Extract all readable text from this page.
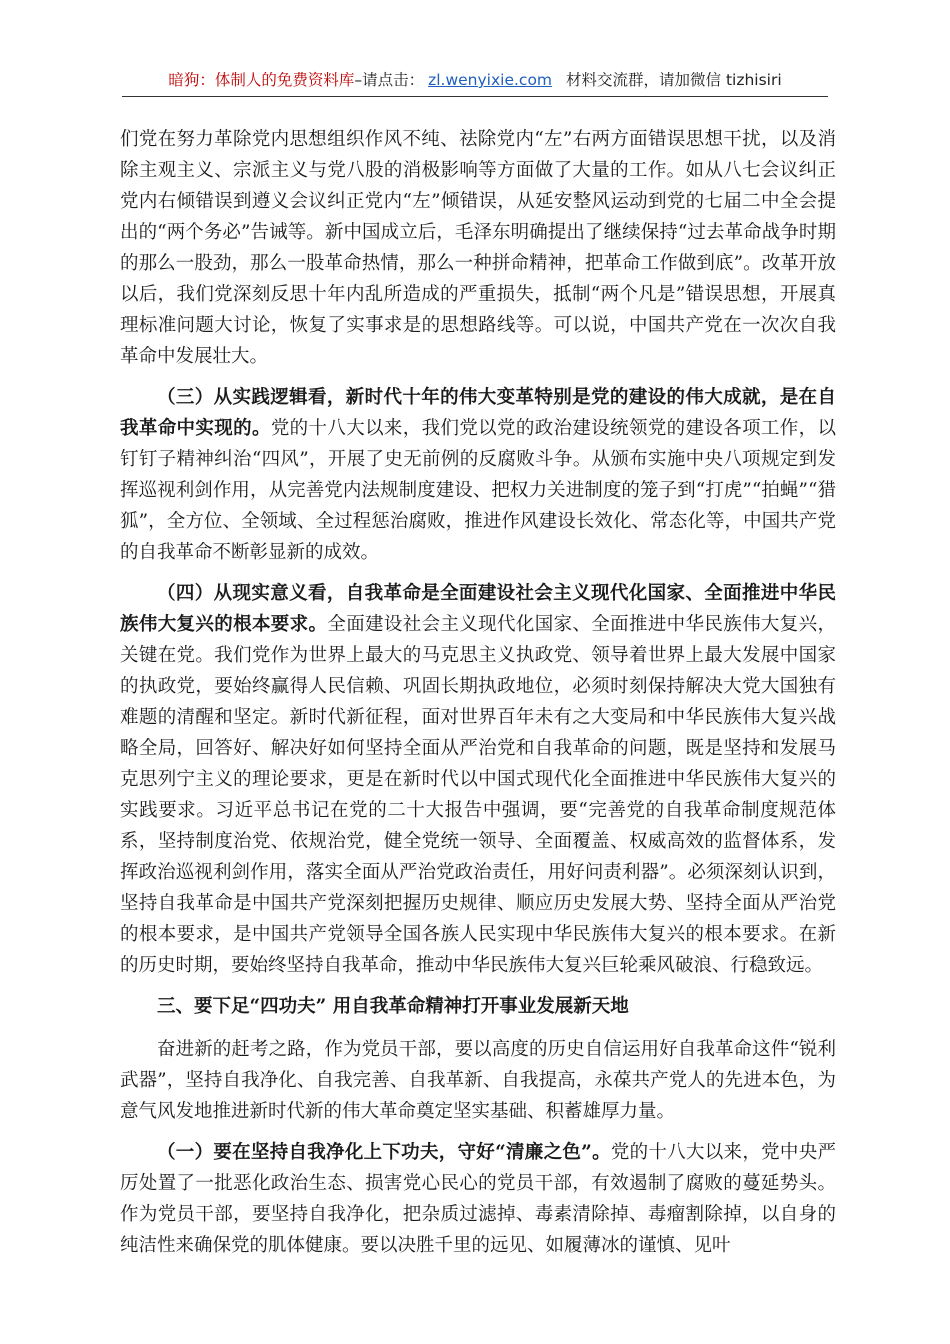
暗狗：体制人的免费资料库–请点击： zl.wenyixie.com 材料交流群，请加微信 tizhisiri

们党在努力革除党内思想组织作风不纯、祛除党内“左”右两方面错误思想干扰，以及消除主观主义、宗派主义与党八股的消极影响等方面做了大量的工作。如从八七会议纠正党内右倾错误到遵义会议纠正党内“左”倾错误，从延安整风运动到党的七届二中全会提出的“两个务必”告诫等。新中国成立后，毛泽东明确提出了继续保持“过去革命战争时期的那么一股劲，那么一股革命热情，那么一种拼命精神，把革命工作做到底”。改革开放以后，我们党深刻反思十年内乱所造成的严重损失，抵制“两个凡是”错误思想，开展真理标准问题大讨论，恢复了实事求是的思想路线等。可以说，中国共产党在一次次自我革命中发展壮大。

（三）从实践逻辑看，新时代十年的伟大变革特别是党的建设的伟大成就，是在自我革命中实现的。党的十八大以来，我们党以党的政治建设统领党的建设各项工作，以钉钉子精神纠治“四风”，开展了史无前例的反腐败斗争。从颁布实施中央八项规定到发挥巡视利剑作用，从完善党内法规制度建设、把权力关进制度的笼子到“打虎”“拍蝇”“猎狐”，全方位、全领域、全过程惩治腐败，推进作风建设长效化、常态化等，中国共产党的自我革命不断彰显新的成效。

（四）从现实意义看，自我革命是全面建设社会主义现代化国家、全面推进中华民族伟大复兴的根本要求。全面建设社会主义现代化国家、全面推进中华民族伟大复兴，关键在党。我们党作为世界上最大的马克思主义执政党、领导着世界上最大发展中国家的执政党，要始终赢得人民信赖、巩固长期执政地位，必须时刻保持解决大党大国独有难题的清醒和坚定。新时代新征程，面对世界百年未有之大变局和中华民族伟大复兴战略全局，回答好、解决好如何坚持全面从严治党和自我革命的问题，既是坚持和发展马克思列宁主义的理论要求，更是在新时代以中国式现代化全面推进中华民族伟大复兴的实践要求。习近平总书记在党的二十大报告中强调，要“完善党的自我革命制度规范体系，坚持制度治党、依规治党，健全党统一领导、全面覆盖、权威高效的监督体系，发挥政治巡视利剑作用，落实全面从严治党政治责任，用好问责利器”。必须深刻认识到，坚持自我革命是中国共产党深刻把握历史规律、顺应历史发展大势、坚持全面从严治党的根本要求，是中国共产党领导全国各族人民实现中华民族伟大复兴的根本要求。在新的历史时期，要始终坚持自我革命，推动中华民族伟大复兴巨轮乘风破浪、行稳致远。

三、要下足“四功夫” 用自我革命精神打开事业发展新天地

奋进新的赶考之路，作为党员干部，要以高度的历史自信运用好自我革命这件“锐利武器”，坚持自我净化、自我完善、自我革新、自我提高，永葆共产党人的先进本色，为意气风发地推进新时代新的伟大革命奠定坚实基础、积蓄雄厚力量。

（一）要在坚持自我净化上下功夫，守好“清廉之色”。党的十八大以来，党中央严厉处置了一批恶化政治生态、损害党心民心的党员干部，有效遏制了腐败的蔓延势头。作为党员干部，要坚持自我净化，把杂质过滤掉、毒素清除掉、毒瘤割除掉，以自身的纯洁性来确保党的肌体健康。要以决胜千里的远见、如履薄冰的谨慎、见叶
